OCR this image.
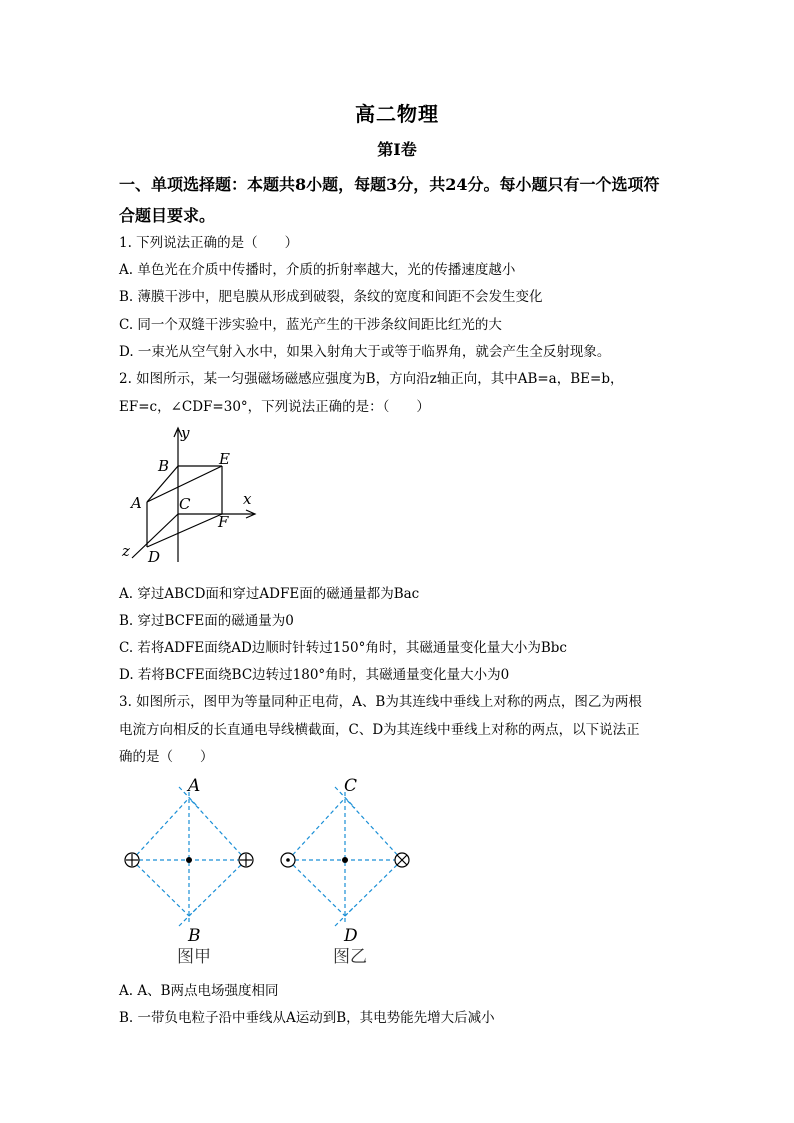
高二物理
第I卷
一、单项选择题：本题共8小题，每题3分，共24分。每小题只有一个选项符合题目要求。
1. 下列说法正确的是（　　）
A. 单色光在介质中传播时，介质的折射率越大，光的传播速度越小
B. 薄膜干涉中，肥皂膜从形成到破裂，条纹的宽度和间距不会发生变化
C. 同一个双缝干涉实验中，蓝光产生的干涉条纹间距比红光的大
D. 一束光从空气射入水中，如果入射角大于或等于临界角，就会产生全反射现象。
2. 如图所示，某一匀强磁场磁感应强度为B，方向沿z轴正向，其中AB=a，BE=b，
EF=c，∠CDF=30°，下列说法正确的是：（　　）
y
B	E
A C	x
F
z D
A. 穿过ABCD面和穿过ADFE面的磁通量都为Bac
B. 穿过BCFE面的磁通量为0
C. 若将ADFE面绕AD边顺时针转过150°角时，其磁通量变化量大小为Bbc
D. 若将BCFE面绕BC边转过180°角时，其磁通量变化量大小为0
3. 如图所示，图甲为等量同种正电荷，A、B为其连线中垂线上对称的两点，图乙为两根
电流方向相反的长直通电导线横截面，C、D为其连线中垂线上对称的两点，以下说法正
确的是（　　）
A
B
图甲
C
D
图乙
A. A、B两点电场强度相同
B. 一带负电粒子沿中垂线从A运动到B，其电势能先增大后减小
